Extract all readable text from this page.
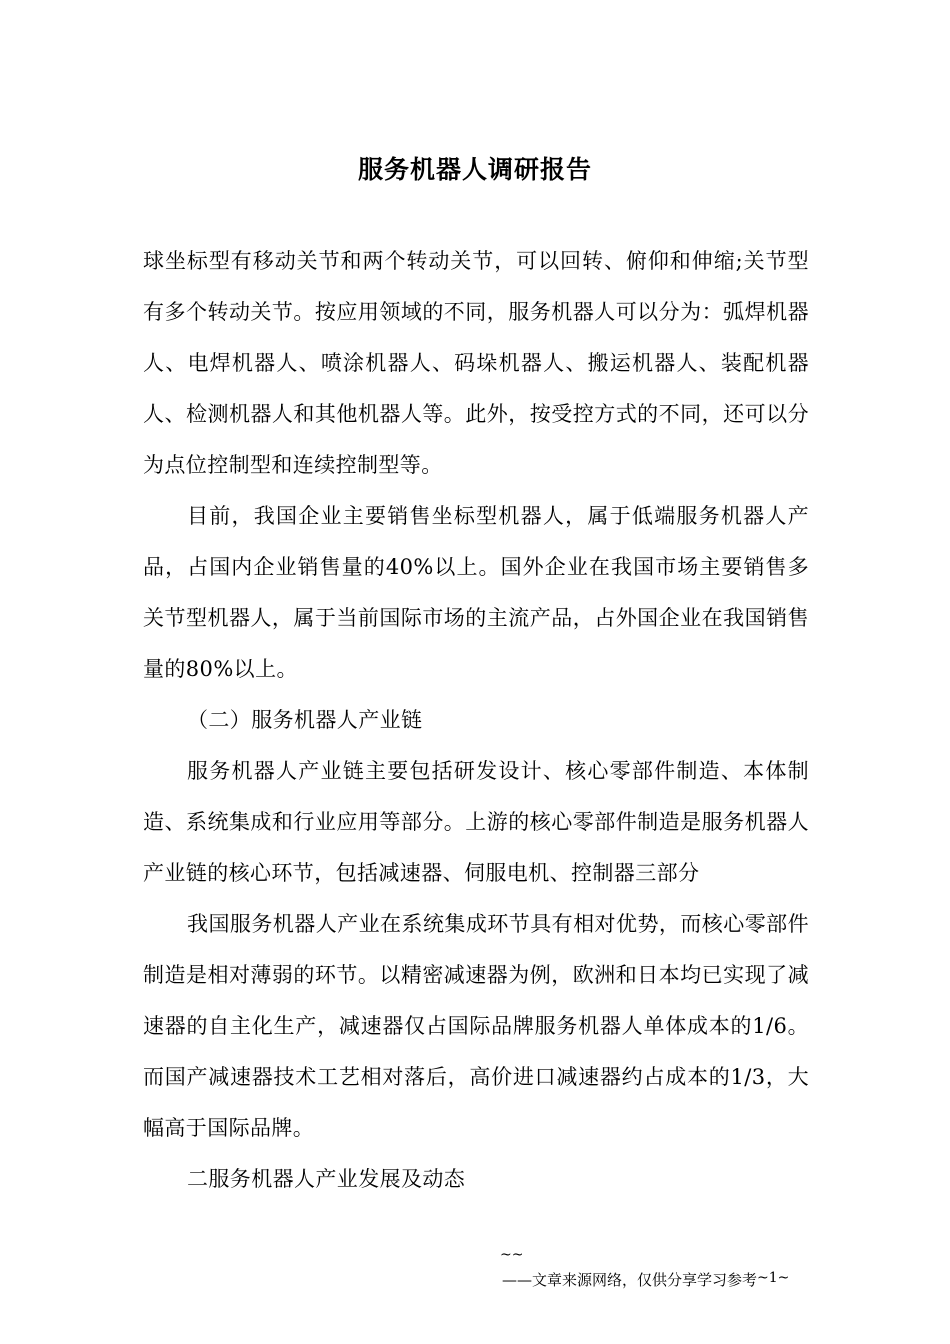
服务机器人调研报告

球坐标型有移动关节和两个转动关节，可以回转、俯仰和伸缩;关节型有多个转动关节。按应用领域的不同，服务机器人可以分为：弧焊机器人、电焊机器人、喷涂机器人、码垛机器人、搬运机器人、装配机器人、检测机器人和其他机器人等。此外，按受控方式的不同，还可以分为点位控制型和连续控制型等。

目前，我国企业主要销售坐标型机器人，属于低端服务机器人产品，占国内企业销售量的40%以上。国外企业在我国市场主要销售多关节型机器人，属于当前国际市场的主流产品，占外国企业在我国销售量的80%以上。

（二）服务机器人产业链

服务机器人产业链主要包括研发设计、核心零部件制造、本体制造、系统集成和行业应用等部分。上游的核心零部件制造是服务机器人产业链的核心环节，包括减速器、伺服电机、控制器三部分

我国服务机器人产业在系统集成环节具有相对优势，而核心零部件制造是相对薄弱的环节。以精密减速器为例，欧洲和日本均已实现了减速器的自主化生产，减速器仅占国际品牌服务机器人单体成本的1/6。而国产减速器技术工艺相对落后，高价进口减速器约占成本的1/3，大幅高于国际品牌。

二服务机器人产业发展及动态

~~
——文章来源网络，仅供分享学习参考~1~
